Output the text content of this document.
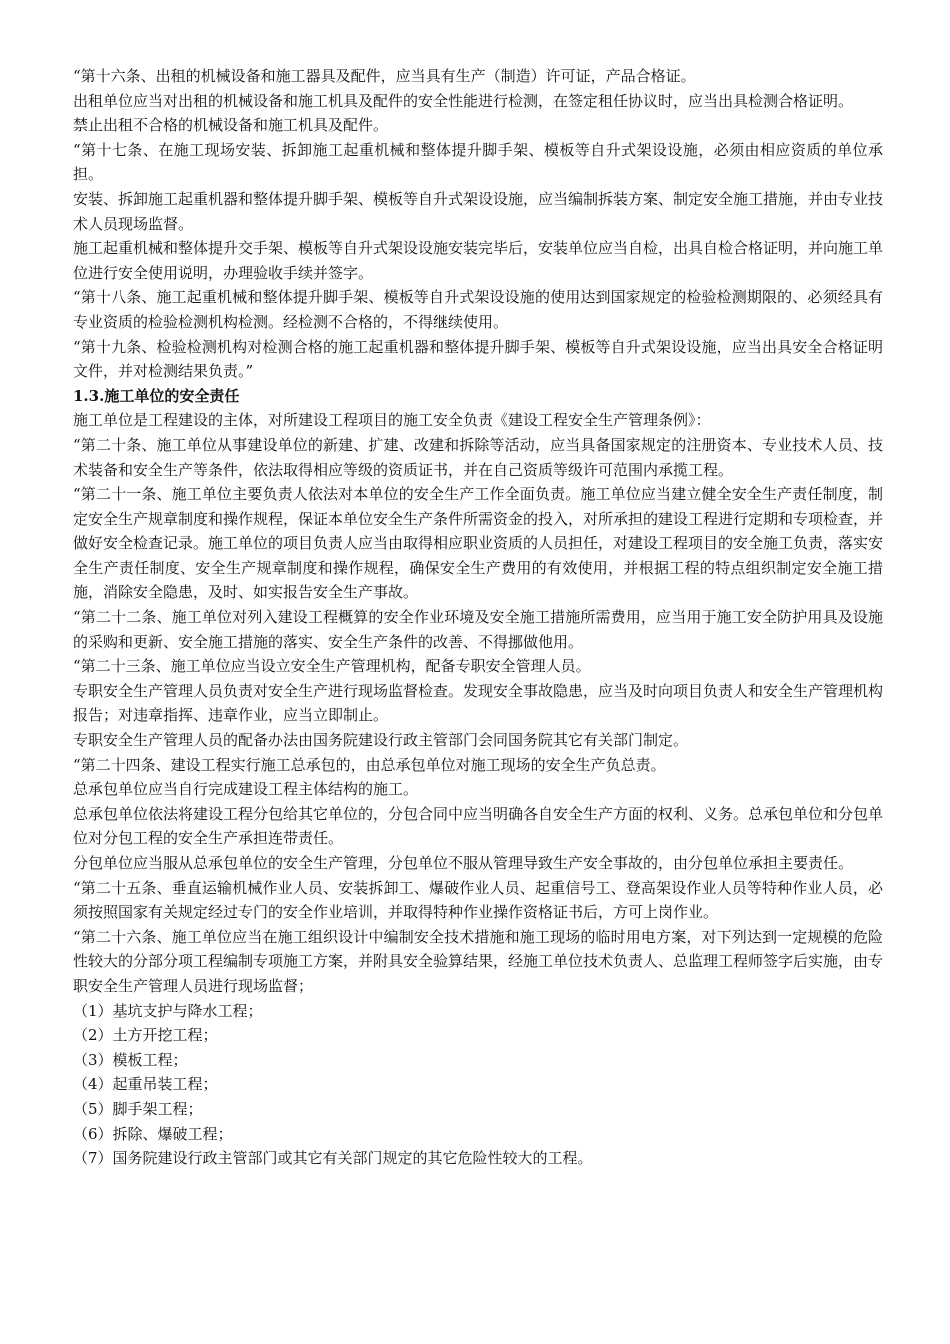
“第十六条、出租的机械设备和施工器具及配件，应当具有生产（制造）许可证，产品合格证。

出租单位应当对出租的机械设备和施工机具及配件的安全性能进行检测，在签定租任协议时，应当出具检测合格证明。

禁止出租不合格的机械设备和施工机具及配件。

“第十七条、在施工现场安装、拆卸施工起重机械和整体提升脚手架、模板等自升式架设设施，必须由相应资质的单位承担。

安装、拆卸施工起重机器和整体提升脚手架、模板等自升式架设设施，应当编制拆装方案、制定安全施工措施，并由专业技术人员现场监督。

施工起重机械和整体提升交手架、模板等自升式架设设施安装完毕后，安装单位应当自检，出具自检合格证明，并向施工单位进行安全使用说明，办理验收手续并签字。

“第十八条、施工起重机械和整体提升脚手架、模板等自升式架设设施的使用达到国家规定的检验检测期限的、必须经具有专业资质的检验检测机构检测。经检测不合格的，不得继续使用。

“第十九条、检验检测机构对检测合格的施工起重机器和整体提升脚手架、模板等自升式架设设施，应当出具安全合格证明文件，并对检测结果负责。”

1.3.施工单位的安全责任

施工单位是工程建设的主体，对所建设工程项目的施工安全负责《建设工程安全生产管理条例》：

“第二十条、施工单位从事建设单位的新建、扩建、改建和拆除等活动，应当具备国家规定的注册资本、专业技术人员、技术装备和安全生产等条件，依法取得相应等级的资质证书，并在自己资质等级许可范围内承揽工程。

“第二十一条、施工单位主要负责人依法对本单位的安全生产工作全面负责。施工单位应当建立健全安全生产责任制度，制定安全生产规章制度和操作规程，保证本单位安全生产条件所需资金的投入，对所承担的建设工程进行定期和专项检查，并做好安全检查记录。施工单位的项目负责人应当由取得相应职业资质的人员担任，对建设工程项目的安全施工负责，落实安全生产责任制度、安全生产规章制度和操作规程，确保安全生产费用的有效使用，并根据工程的特点组织制定安全施工措施，消除安全隐患，及时、如实报告安全生产事故。

“第二十二条、施工单位对列入建设工程概算的安全作业环境及安全施工措施所需费用，应当用于施工安全防护用具及设施的采购和更新、安全施工措施的落实、安全生产条件的改善、不得挪做他用。

“第二十三条、施工单位应当设立安全生产管理机构，配备专职安全管理人员。

专职安全生产管理人员负责对安全生产进行现场监督检查。发现安全事故隐患，应当及时向项目负责人和安全生产管理机构报告；对违章指挥、违章作业，应当立即制止。

专职安全生产管理人员的配备办法由国务院建设行政主管部门会同国务院其它有关部门制定。

“第二十四条、建设工程实行施工总承包的，由总承包单位对施工现场的安全生产负总责。

总承包单位应当自行完成建设工程主体结构的施工。

总承包单位依法将建设工程分包给其它单位的，分包合同中应当明确各自安全生产方面的权利、义务。总承包单位和分包单位对分包工程的安全生产承担连带责任。

分包单位应当服从总承包单位的安全生产管理，分包单位不服从管理导致生产安全事故的，由分包单位承担主要责任。

“第二十五条、垂直运输机械作业人员、安装拆卸工、爆破作业人员、起重信号工、登高架设作业人员等特种作业人员，必须按照国家有关规定经过专门的安全作业培训，并取得特种作业操作资格证书后，方可上岗作业。

“第二十六条、施工单位应当在施工组织设计中编制安全技术措施和施工现场的临时用电方案，对下列达到一定规模的危险性较大的分部分项工程编制专项施工方案，并附具安全验算结果，经施工单位技术负责人、总监理工程师签字后实施，由专职安全生产管理人员进行现场监督；

（1）基坑支护与降水工程；

（2）土方开挖工程；

（3）模板工程；

（4）起重吊装工程；

（5）脚手架工程；

（6）拆除、爆破工程；

（7）国务院建设行政主管部门或其它有关部门规定的其它危险性较大的工程。
